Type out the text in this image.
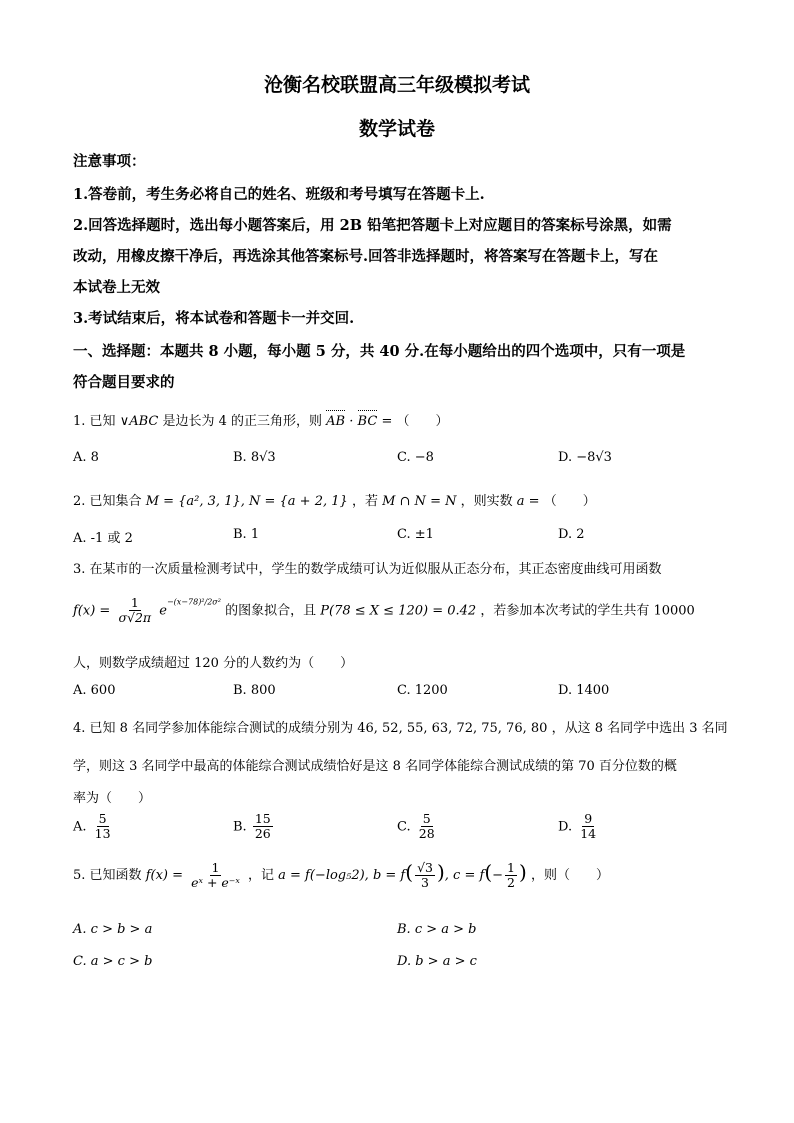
沧衡名校联盟高三年级模拟考试
数学试卷
注意事项：
1.答卷前，考生务必将自己的姓名、班级和考号填写在答题卡上.
2.回答选择题时，选出每小题答案后，用 2B 铅笔把答题卡上对应题目的答案标号涂黑，如需
改动，用橡皮擦干净后，再选涂其他答案标号.回答非选择题时，将答案写在答题卡上，写在
本试卷上无效
3.考试结束后，将本试卷和答题卡一并交回.
一、选择题：本题共 8 小题，每小题 5 分，共 40 分.在每小题给出的四个选项中，只有一项是
符合题目要求的
1. 已知 ∨ABC 是边长为 4 的正三角形，则 AB · BC = （　　）
A. 8	B. 8√3	C. −8	D. −8√3
2. 已知集合 M = {a², 3, 1}, N = {a + 2, 1} ，若 M ∩ N = N ，则实数 a = （　　）
A. -1 或 2	B. 1	C. ±1	D. 2
3. 在某市的一次质量检测考试中，学生的数学成绩可认为近似服从正态分布，其正态密度曲线可用函数
$f(x) = \frac{1}{\sigma√2\pi} e^{-(x-78)^2/2\sigma^2}$ 的图象拟合，且 P(78 ≤ X ≤ 120) = 0.42 ，若参加本次考试的学生共有 10000
人，则数学成绩超过 120 分的人数约为（　　）
A. 600	B. 800	C. 1200	D. 1400
4. 已知 8 名同学参加体能综合测试的成绩分别为 46, 52, 55, 63, 72, 75, 76, 80 ，从这 8 名同学中选出 3 名同
学，则这 3 名同学中最高的体能综合测试成绩恰好是这 8 名同学体能综合测试成绩的第 70 百分位数的概
率为（　　）
A. $\frac{5}{13}$	B. $\frac{15}{26}$	C. $\frac{5}{28}$	D. $\frac{9}{14}$
5. 已知函数 $f(x) = \frac{1}{\text{eˣ + e⁻ˣ}}$ ，记 a = f(−log₅2), $b = f( \frac{√3}{3}$ ), $c = f(- \frac{1}{2}$ ) ，则（　　）
A. c > b > a	B. c > a > b
C. a > c > b	D. b > a > c
